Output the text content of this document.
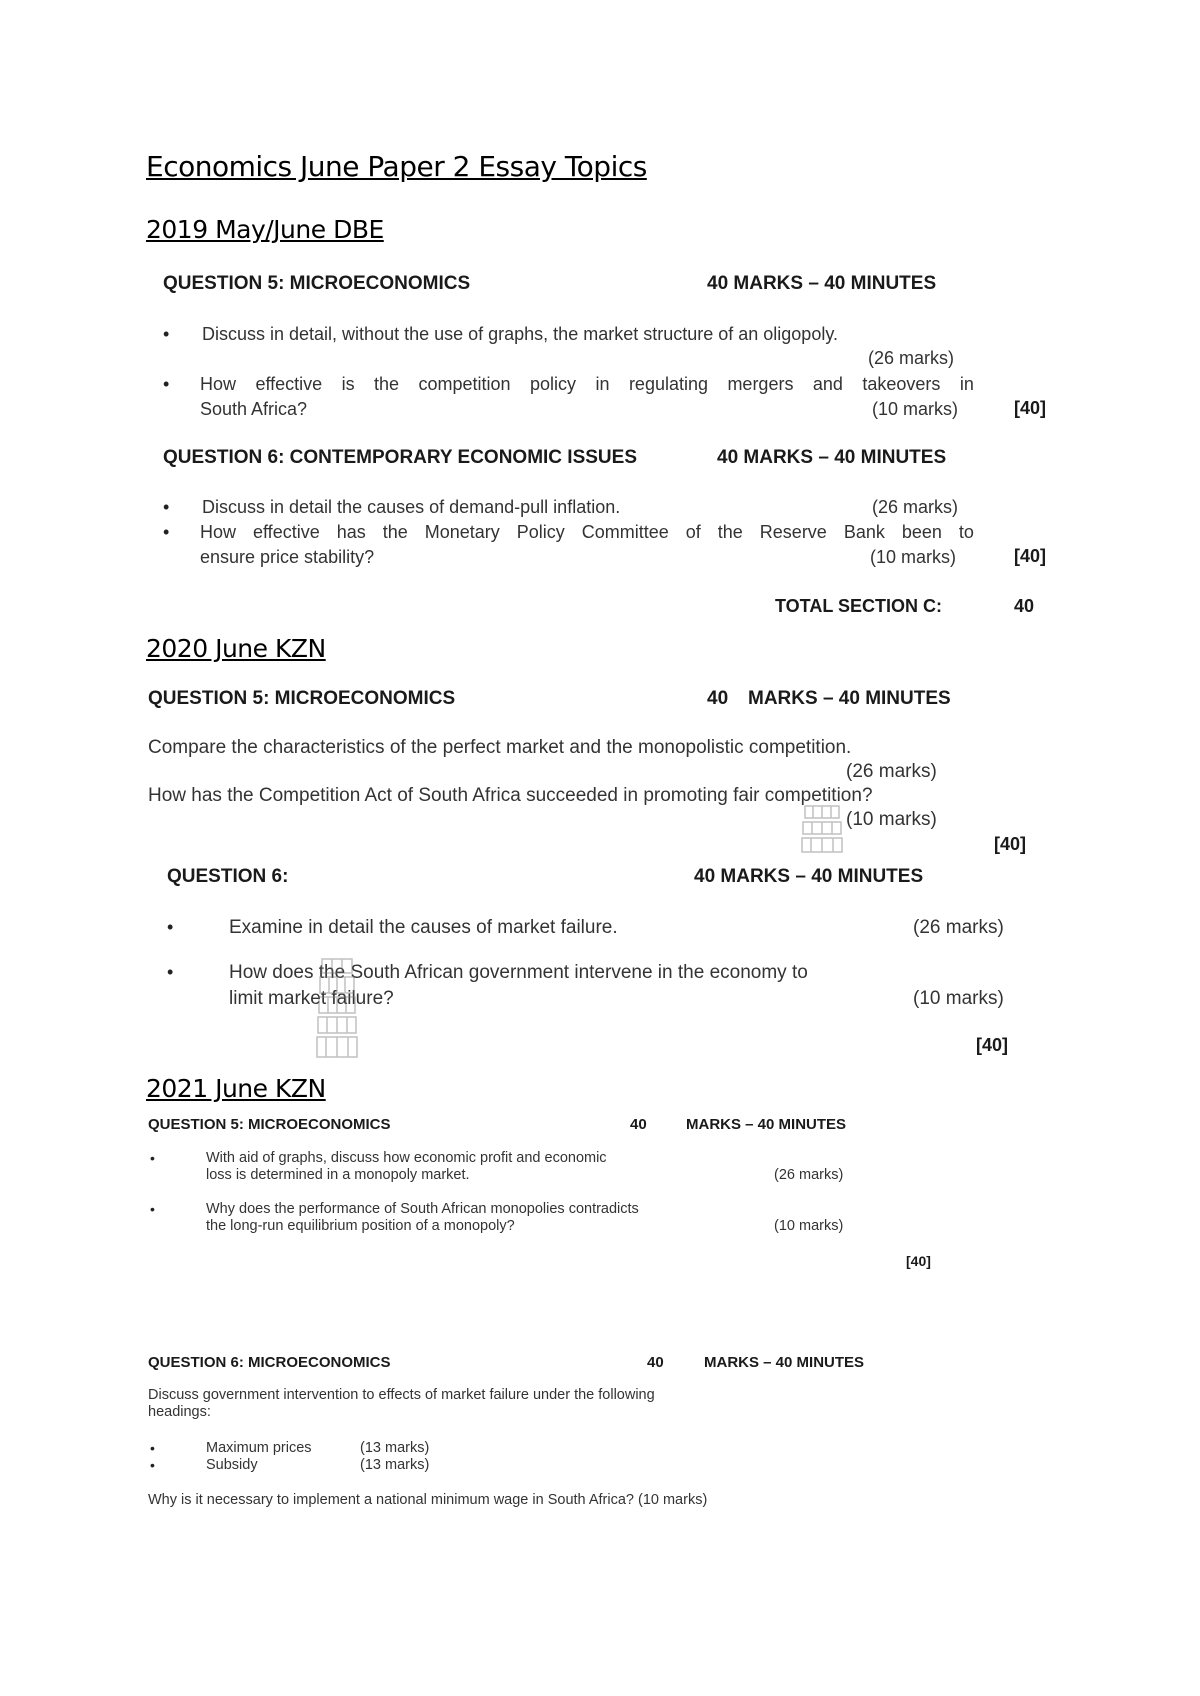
Economics June Paper 2 Essay Topics
2019 May/June DBE
QUESTION 5: MICROECONOMICS	40 MARKS – 40 MINUTES
• Discuss in detail, without the use of graphs, the market structure of an oligopoly.
(26 marks)
• How effective is the competition policy in regulating mergers and takeovers in
South Africa?	(10 marks)	[40]
QUESTION 6: CONTEMPORARY ECONOMIC ISSUES	40 MARKS – 40 MINUTES
• Discuss in detail the causes of demand-pull inflation.	(26 marks)
• How effective has the Monetary Policy Committee of the Reserve Bank been to
ensure price stability?	(10 marks)	[40]
TOTAL SECTION C:	40
2020 June KZN
QUESTION 5: MICROECONOMICS	40 MARKS – 40 MINUTES
Compare the characteristics of the perfect market and the monopolistic competition.
(26 marks)
How has the Competition Act of South Africa succeeded in promoting fair competition?
(10 marks)
[40]
QUESTION 6:	40 MARKS – 40 MINUTES
•	Examine in detail the causes of market failure.	(26 marks)
•	How does the South African government intervene in the economy to
limit market failure?	(10 marks)
[40]
2021 June KZN
QUESTION 5: MICROECONOMICS	40	MARKS – 40 MINUTES
•	With aid of graphs, discuss how economic profit and economic
loss is determined in a monopoly market.	(26 marks)
•	Why does the performance of South African monopolies contradicts
the long-run equilibrium position of a monopoly?	(10 marks)
[40]
QUESTION 6: MICROECONOMICS	40	MARKS – 40 MINUTES
Discuss government intervention to effects of market failure under the following
headings:
•	Maximum prices	(13 marks)
•	Subsidy	(13 marks)
Why is it necessary to implement a national minimum wage in South Africa? (10 marks)
